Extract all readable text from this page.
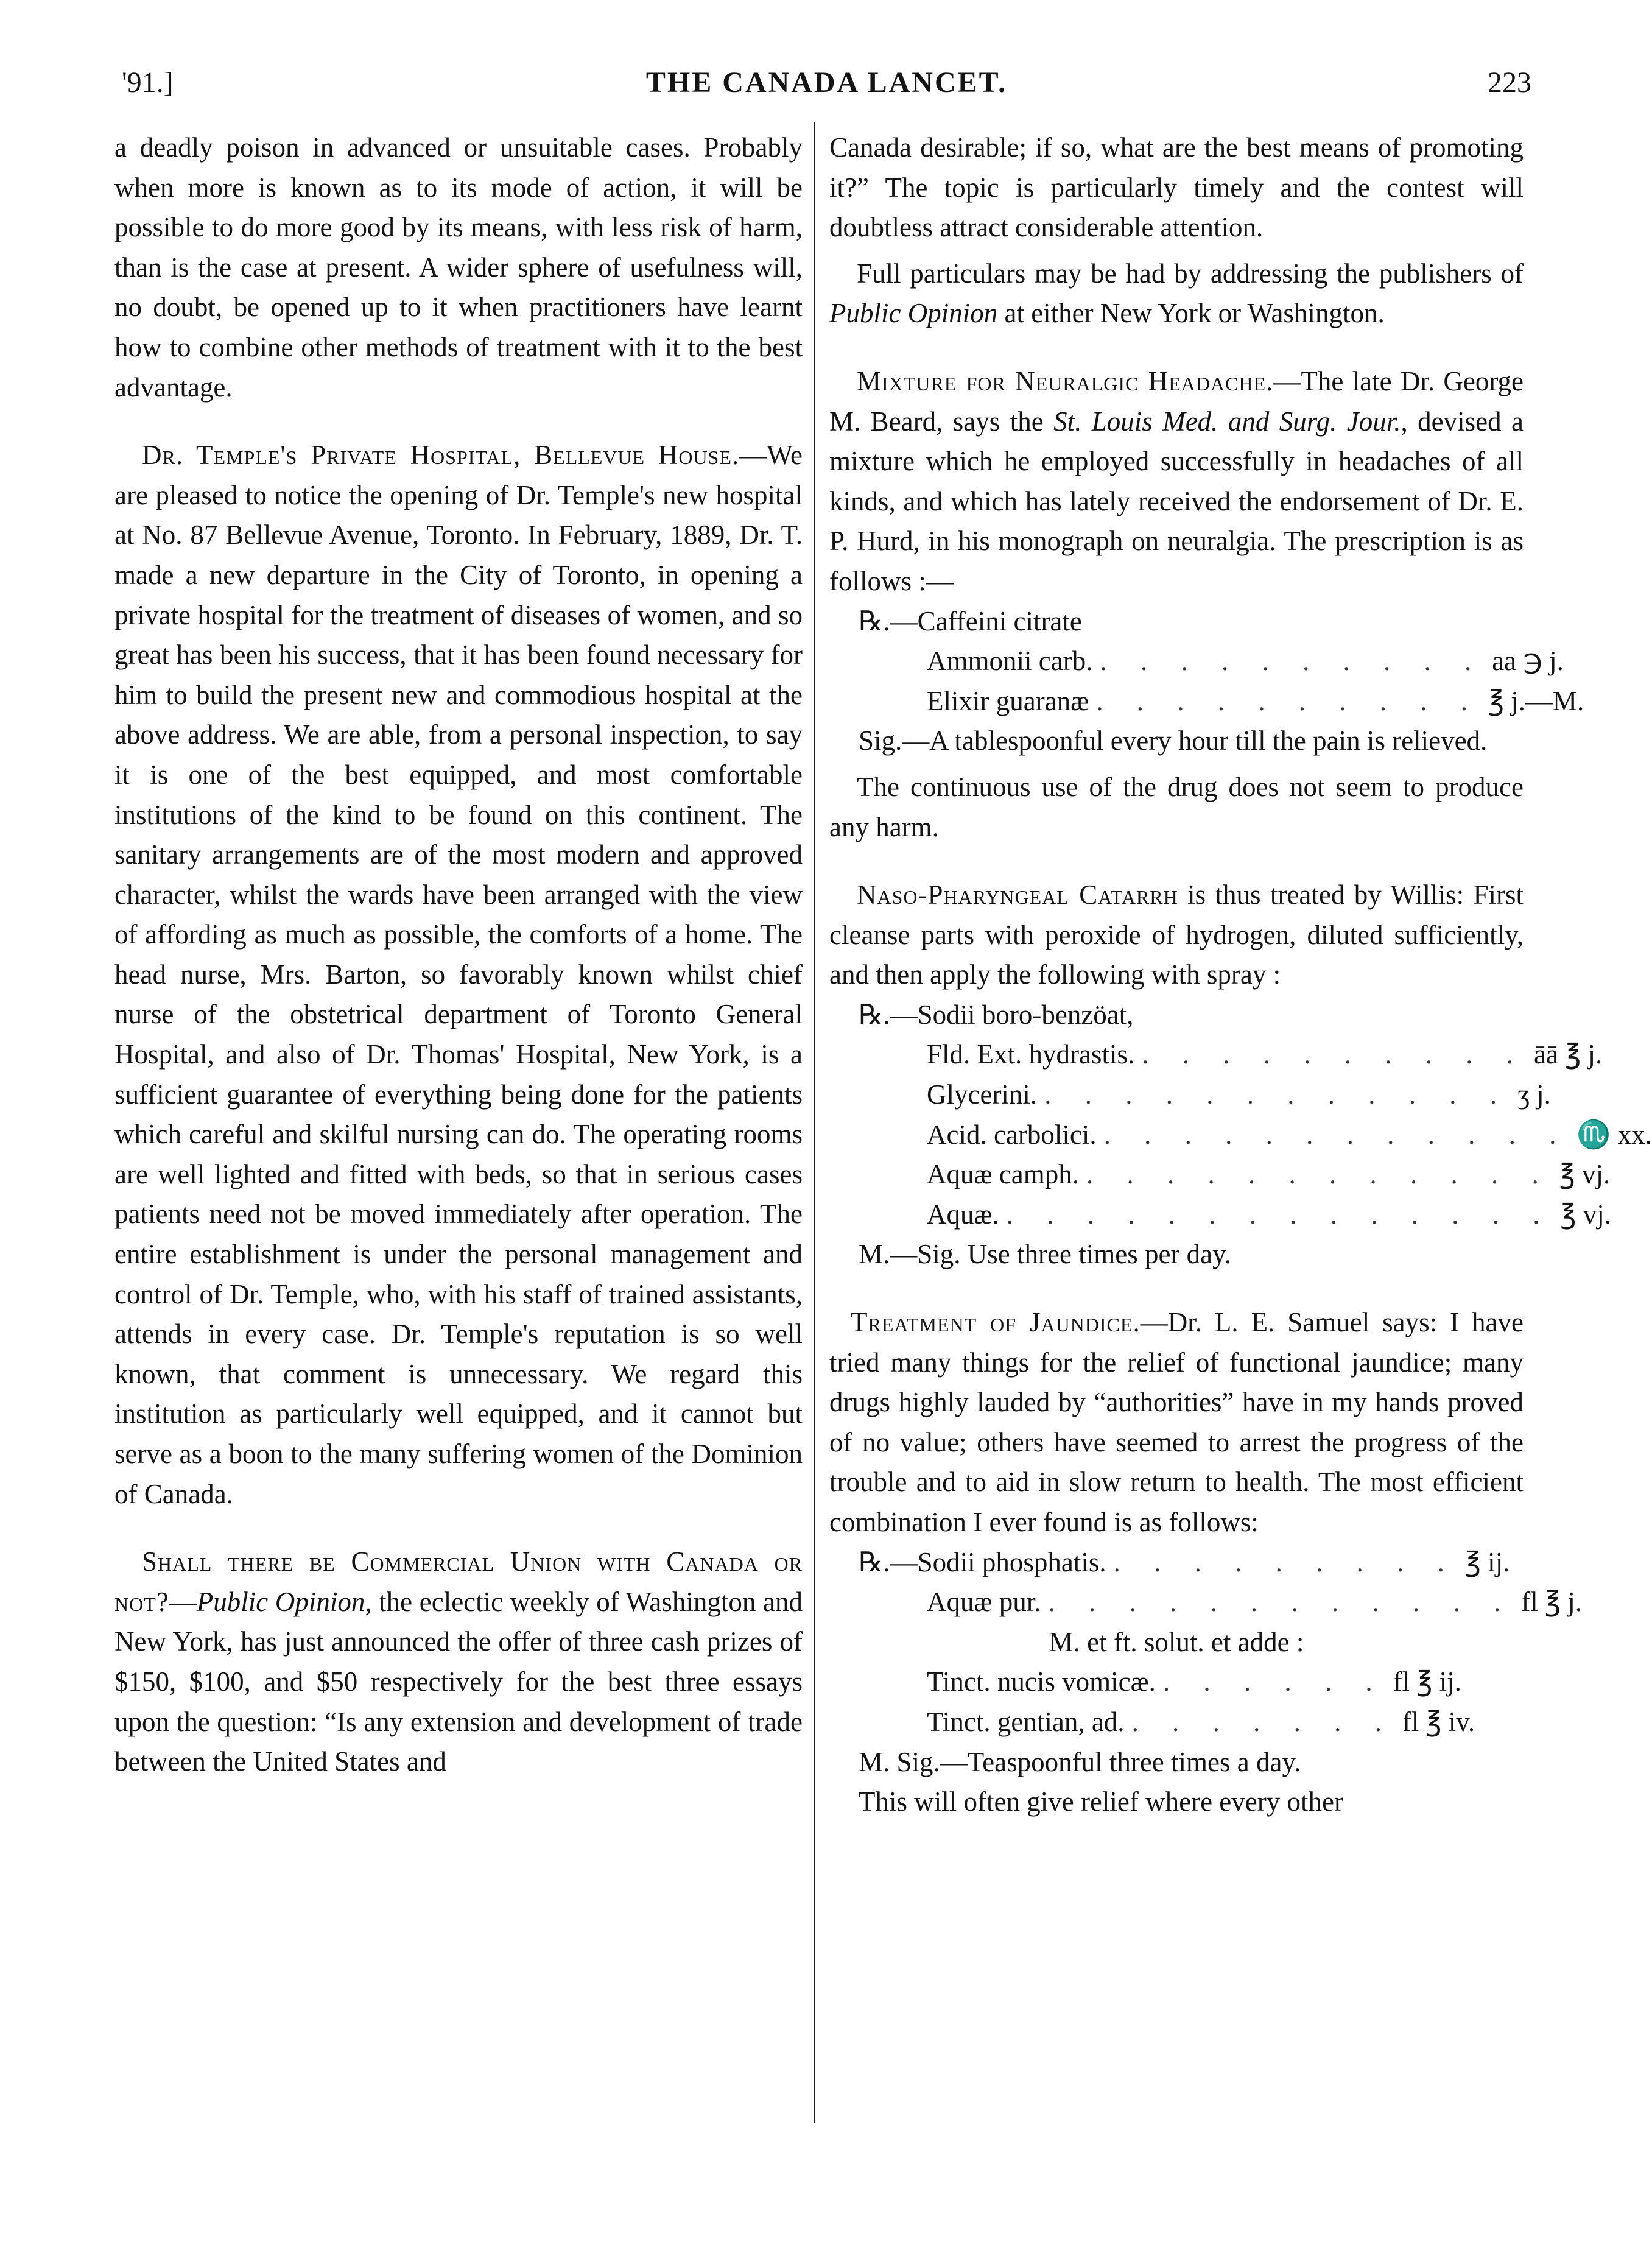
'91.]	THE CANADA LANCET.	223

a deadly poison in advanced or unsuitable cases. Probably when more is known as to its mode of action, it will be possible to do more good by its means, with less risk of harm, than is the case at present. A wider sphere of usefulness will, no doubt, be opened up to it when practitioners have learnt how to combine other methods of treatment with it to the best advantage.

Dr. Temple's Private Hospital, Bellevue House.—We are pleased to notice the opening of Dr. Temple's new hospital at No. 87 Bellevue Avenue, Toronto. In February, 1889, Dr. T. made a new departure in the City of Toronto, in opening a private hospital for the treatment of diseases of women, and so great has been his success, that it has been found necessary for him to build the present new and commodious hospital at the above address. We are able, from a personal inspection, to say it is one of the best equipped, and most comfortable institutions of the kind to be found on this continent. The sanitary arrangements are of the most modern and approved character, whilst the wards have been arranged with the view of affording as much as possible, the comforts of a home. The head nurse, Mrs. Barton, so favorably known whilst chief nurse of the obstetrical department of Toronto General Hospital, and also of Dr. Thomas' Hospital, New York, is a sufficient guarantee of everything being done for the patients which careful and skilful nursing can do. The operating rooms are well lighted and fitted with beds, so that in serious cases patients need not be moved immediately after operation. The entire establishment is under the personal management and control of Dr. Temple, who, with his staff of trained assistants, attends in every case. Dr. Temple's reputation is so well known, that comment is unnecessary. We regard this institution as particularly well equipped, and it cannot but serve as a boon to the many suffering women of the Dominion of Canada.

Shall there be Commercial Union with Canada or not?—Public Opinion, the eclectic weekly of Washington and New York, has just announced the offer of three cash prizes of $150, $100, and $50 respectively for the best three essays upon the question: “Is any extension and development of trade between the United States and

Canada desirable; if so, what are the best means of promoting it?” The topic is particularly timely and the contest will doubtless attract considerable attention.

Full particulars may be had by addressing the publishers of Public Opinion at either New York or Washington.

Mixture for Neuralgic Headache.—The late Dr. George M. Beard, says the St. Louis Med. and Surg. Jour., devised a mixture which he employed successfully in headaches of all kinds, and which has lately received the endorsement of Dr. E. P. Hurd, in his monograph on neuralgia. The prescription is as follows :—

℞.—Caffeini citrate
Ammonii carb. . . . . . . . . . . aa ℈ j.
Elixir guaranæ . . . . . . . . . . ℥ j.—M.

Sig.—A tablespoonful every hour till the pain is relieved.

The continuous use of the drug does not seem to produce any harm.

Naso-Pharyngeal Catarrh is thus treated by Willis: First cleanse parts with peroxide of hydrogen, diluted sufficiently, and then apply the following with spray :

℞.—Sodii boro-benzöat,
Fld. Ext. hydrastis. . . . . . . . . . . āā ℥ j.
Glycerini. . . . . . . . . . . . . ʒ j.
Acid. carbolici. . . . . . . . . . . . . ♏ xx.
Aquæ camph. . . . . . . . . . . . . ℥ vj.
Aquæ. . . . . . . . . . . . . . . ℥ vj.

M.—Sig. Use three times per day.

Treatment of Jaundice.—Dr. L. E. Samuel says: I have tried many things for the relief of functional jaundice; many drugs highly lauded by “authorities” have in my hands proved of no value; others have seemed to arrest the progress of the trouble and to aid in slow return to health. The most efficient combination I ever found is as follows:

℞.—Sodii phosphatis. . . . . . . . . . ℥ ij.
Aquæ pur. . . . . . . . . . . . . fl ℥ j.
M. et ft. solut. et adde :
Tinct. nucis vomicæ. . . . . . . fl ℥ ij.
Tinct. gentian, ad. . . . . . . . fl ℥ iv.

M. Sig.—Teaspoonful three times a day.

This will often give relief where every other
